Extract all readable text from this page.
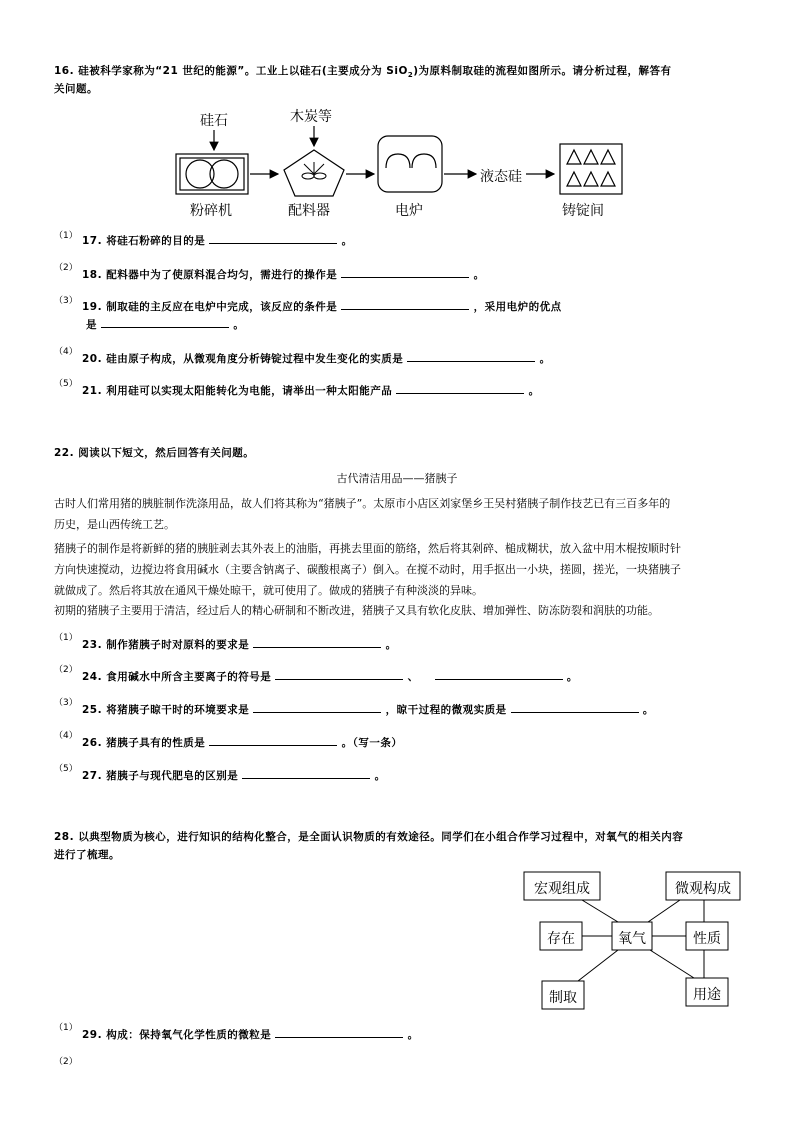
16. 硅被科学家称为“21 世纪的能源”。工业上以硅石(主要成分为 SiO$_2$)为原料制取硅的流程如图所示。请分析过程，解答有
关问题。
硅石	木炭等
粉碎机	配料器	电炉
液态硅
铸锭间
（1） 17. 将硅石粉碎的目的是	。
（2）
18. 配料器中为了使原料混合均匀，需进行的操作是	。
（3） 19. 制取硅的主反应在电炉中完成，该反应的条件是	，采用电炉的优点
是	。
（4）
20. 硅由原子构成，从微观角度分析铸锭过程中发生变化的实质是	。
（5）
21. 利用硅可以实现太阳能转化为电能，请举出一种太阳能产品	。
22. 阅读以下短文，然后回答有关问题。
古代清洁用品——猪胰子
古时人们常用猪的胰脏制作洗涤用品，故人们将其称为“猪胰子”。太原市小店区刘家堡乡王吴村猪胰子制作技艺已有三百多年的
历史，是山西传统工艺。
猪胰子的制作是将新鲜的猪的胰脏剥去其外表上的油脂，再挑去里面的筋络，然后将其剁碎、槌成糊状，放入盆中用木棍按顺时针
方向快速搅动，边搅边将食用碱水（主要含钠离子、碳酸根离子）倒入。在搅不动时，用手抠出一小块，搓圆，搓光，一块猪胰子
就做成了。然后将其放在通风干燥处晾干，就可使用了。做成的猪胰子有种淡淡的异味。
初期的猪胰子主要用于清洁，经过后人的精心研制和不断改进，猪胰子又具有软化皮肤、增加弹性、防冻防裂和润肤的功能。
（1）
23. 制作猪胰子时对原料的要求是	。
（2）
24. 食用碱水中所含主要离子的符号是	、	。
（3）
25. 将猪胰子晾干时的环境要求是	，晾干过程的微观实质是	。
（4）
26. 猪胰子具有的性质是	。（写一条）
（5）
27. 猪胰子与现代肥皂的区别是	。
28. 以典型物质为核心，进行知识的结构化整合，是全面认识物质的有效途径。同学们在小组合作学习过程中，对氧气的相关内容
进行了梳理。
宏观组成	微观构成
存在	氧气	性质
制取	用途
（1）
29. 构成：保持氧气化学性质的微粒是	。
（2）
